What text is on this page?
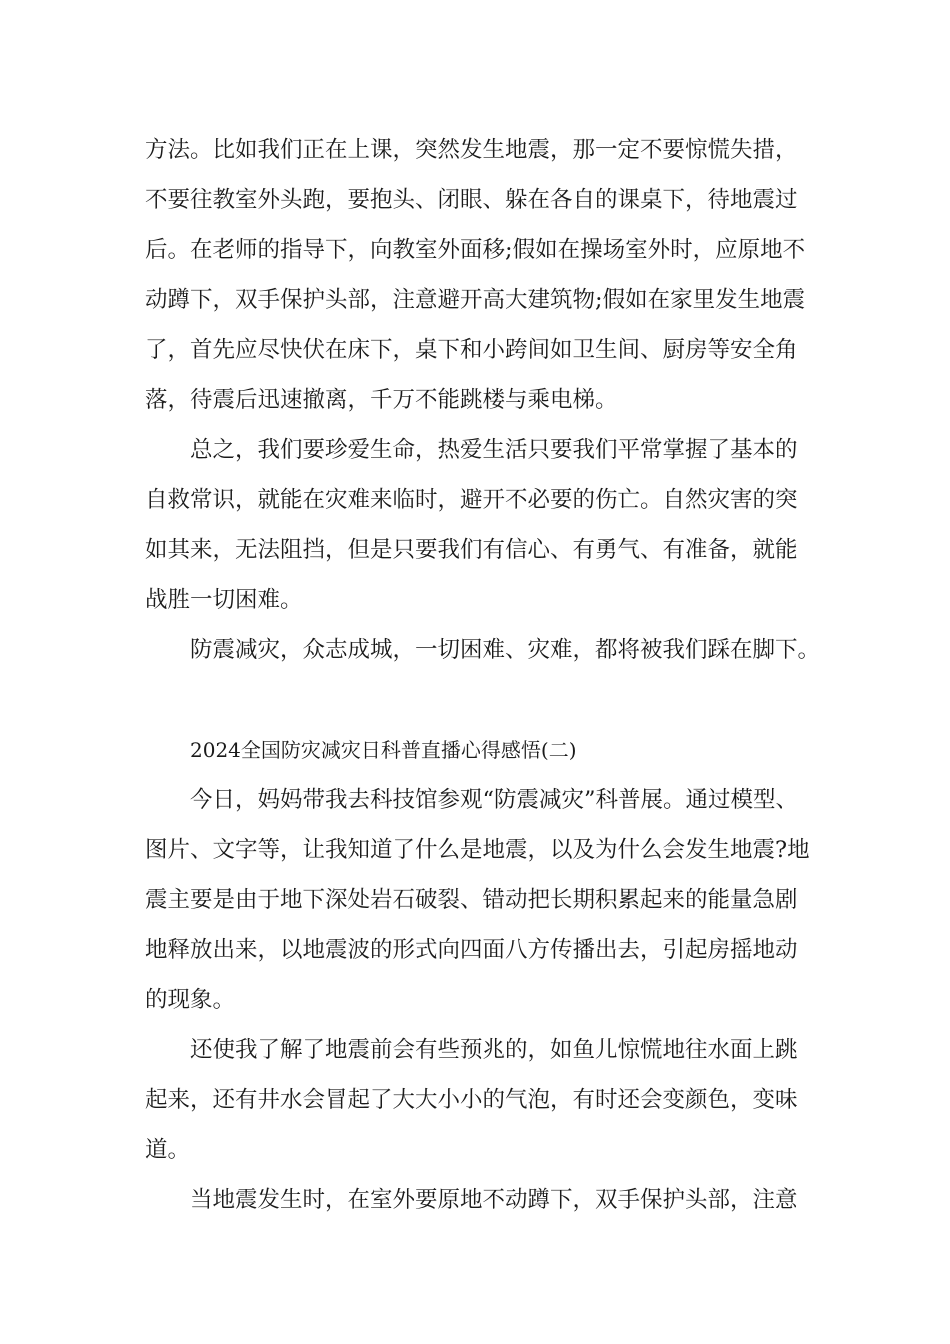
方法。比如我们正在上课，突然发生地震，那一定不要惊慌失措，
不要往教室外头跑，要抱头、闭眼、躲在各自的课桌下，待地震过
后。在老师的指导下，向教室外面移;假如在操场室外时，应原地不
动蹲下，双手保护头部，注意避开高大建筑物;假如在家里发生地震
了，首先应尽快伏在床下，桌下和小跨间如卫生间、厨房等安全角
落，待震后迅速撤离，千万不能跳楼与乘电梯。
总之，我们要珍爱生命，热爱生活只要我们平常掌握了基本的
自救常识，就能在灾难来临时，避开不必要的伤亡。自然灾害的突
如其来，无法阻挡，但是只要我们有信心、有勇气、有准备，就能
战胜一切困难。
防震减灾，众志成城，一切困难、灾难，都将被我们踩在脚下。
2024全国防灾减灾日科普直播心得感悟(二)
今日，妈妈带我去科技馆参观“防震减灾”科普展。通过模型、
图片、文字等，让我知道了什么是地震，以及为什么会发生地震?地
震主要是由于地下深处岩石破裂、错动把长期积累起来的能量急剧
地释放出来，以地震波的形式向四面八方传播出去，引起房摇地动
的现象。
还使我了解了地震前会有些预兆的，如鱼儿惊慌地往水面上跳
起来，还有井水会冒起了大大小小的气泡，有时还会变颜色，变味
道。
当地震发生时，在室外要原地不动蹲下，双手保护头部，注意
